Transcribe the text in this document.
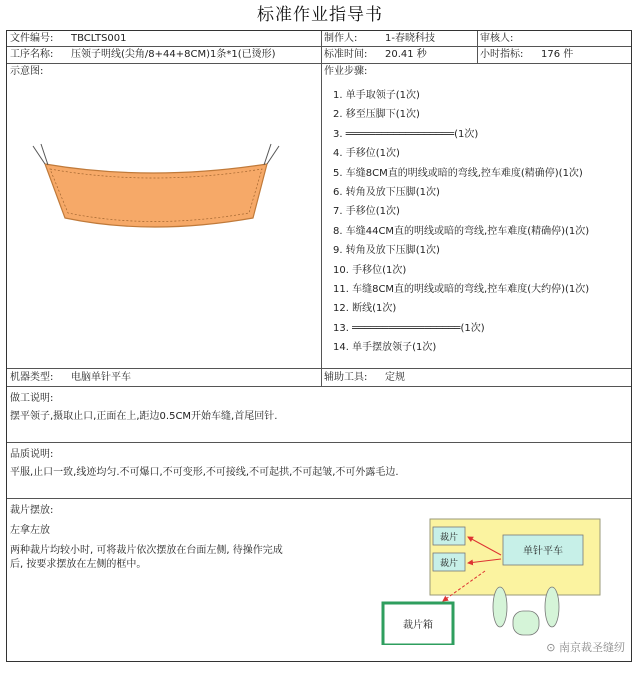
标准作业指导书
文件编号: TBCLTS001	制作人:	1-春晓科技	审核人:
工序名称: 压领子明线(尖角/8+44+8CM)1条*1(已烫形)	标准时间: 20.41 秒	小时指标: 176 件
示意图:	作业步骤:
1. 单手取领子(1次)
2. 移至压脚下(1次)
3. ══════════════════(1次)
4. 手移位(1次)
5. 车缝8CM直的明线或暗的弯线,控车难度(精确停)(1次)
6. 转角及放下压脚(1次)
7. 手移位(1次)
8. 车缝44CM直的明线或暗的弯线,控车难度(精确停)(1次)
9. 转角及放下压脚(1次)
10. 手移位(1次)
11. 车缝8CM直的明线或暗的弯线,控车难度(大约停)(1次)
12. 断线(1次)
13. ══════════════════(1次)
14. 单手摆放领子(1次)
机器类型: 电脑单针平车	辅助工具: 定规
做工说明:
摆平领子,摄取止口,正面在上,距边0.5CM开始车缝,首尾回针.
品质说明:
平服,止口一致,线迹均匀.不可爆口,不可变形,不可接线,不可起拱,不可起皱,不可外露毛边.
裁片摆放:
左拿左放
两种裁片均较小时, 可将裁片依次摆放在台面左侧, 待操作完成
后, 按要求摆放在左侧的框中。
裁片
裁片
单针平车
裁片箱
⊙ 南京裁圣缝纫
